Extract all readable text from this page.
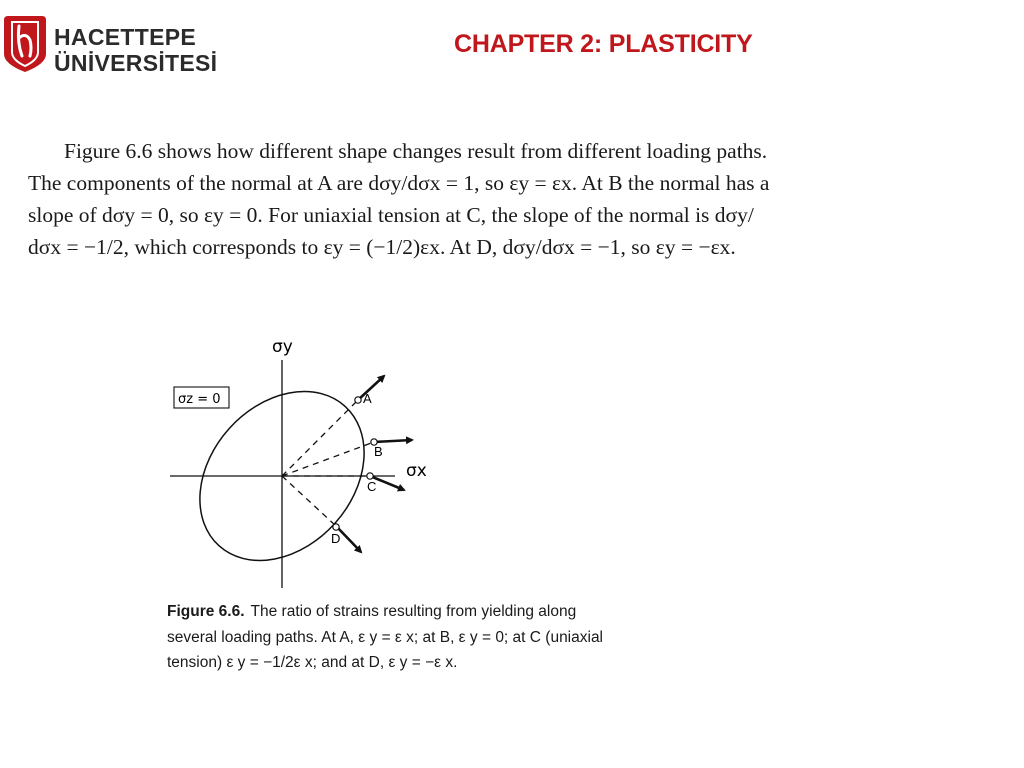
HACETTEPE
ÜNİVERSİTESİ
CHAPTER 2: PLASTICITY
Figure 6.6 shows how different shape changes result from different loading paths.
The components of the normal at A are dσy/dσx = 1, so εy = εx. At B the normal has a
slope of dσy = 0, so εy = 0. For uniaxial tension at C, the slope of the normal is dσy/
dσx = −1/2, which corresponds to εy = (−1/2)εx. At D, dσy/dσx = −1, so εy = −εx.
A
B
C
D
σy
σx
σz = 0
Figure 6.6. The ratio of strains resulting from yielding along several loading paths. At A, ε y = ε x; at B, ε y = 0; at C (uniaxial tension) ε y = −1/2ε x; and at D, ε y = −ε x.
